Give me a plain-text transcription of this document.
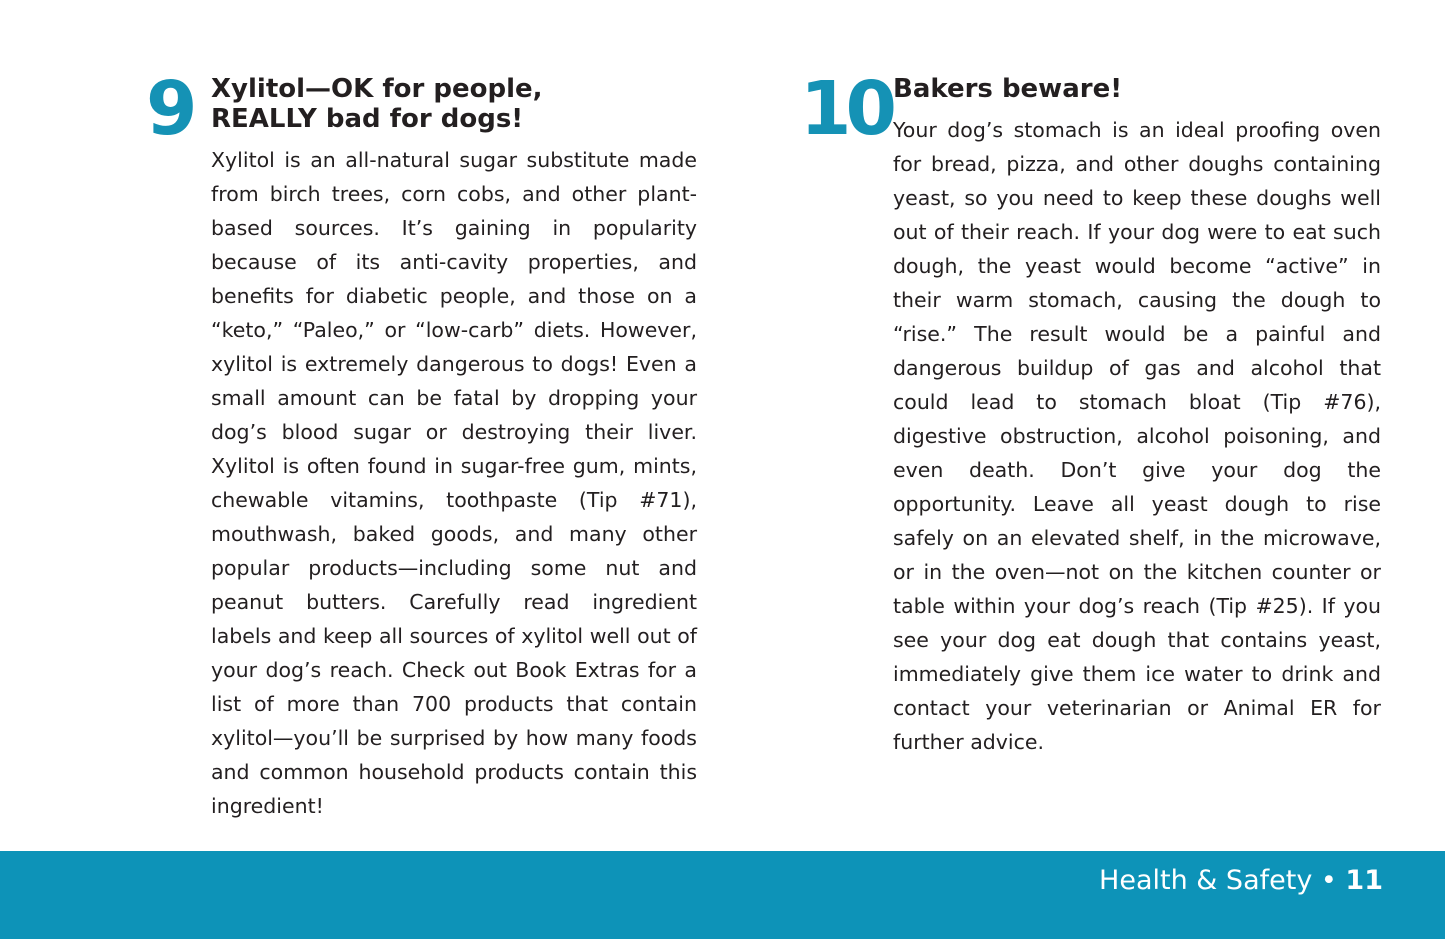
9 Xylitol—OK for people,
REALLY bad for dogs!

Xylitol is an all-natural sugar substitute made from birch trees, corn cobs, and other plant-based sources. It’s gaining in popularity because of its anti-cavity properties, and benefits for diabetic people, and those on a “keto,” “Paleo,” or “low-carb” diets. However, xylitol is extremely dangerous to dogs! Even a small amount can be fatal by dropping your dog’s blood sugar or destroying their liver. Xylitol is often found in sugar-free gum, mints, chewable vitamins, toothpaste (Tip #71), mouthwash, baked goods, and many other popular products—including some nut and peanut butters. Carefully read ingredient labels and keep all sources of xylitol well out of your dog’s reach. Check out Book Extras for a list of more than 700 products that contain xylitol—you’ll be surprised by how many foods and common household products contain this ingredient!

10 Bakers beware!

Your dog’s stomach is an ideal proofing oven for bread, pizza, and other doughs containing yeast, so you need to keep these doughs well out of their reach. If your dog were to eat such dough, the yeast would become “active” in their warm stomach, causing the dough to “rise.” The result would be a painful and dangerous buildup of gas and alcohol that could lead to stomach bloat (Tip #76), digestive obstruction, alcohol poisoning, and even death. Don’t give your dog the opportunity. Leave all yeast dough to rise safely on an elevated shelf, in the microwave, or in the oven—not on the kitchen counter or table within your dog’s reach (Tip #25). If you see your dog eat dough that contains yeast, immediately give them ice water to drink and contact your veterinarian or Animal ER for further advice.

Health & Safety • 11
